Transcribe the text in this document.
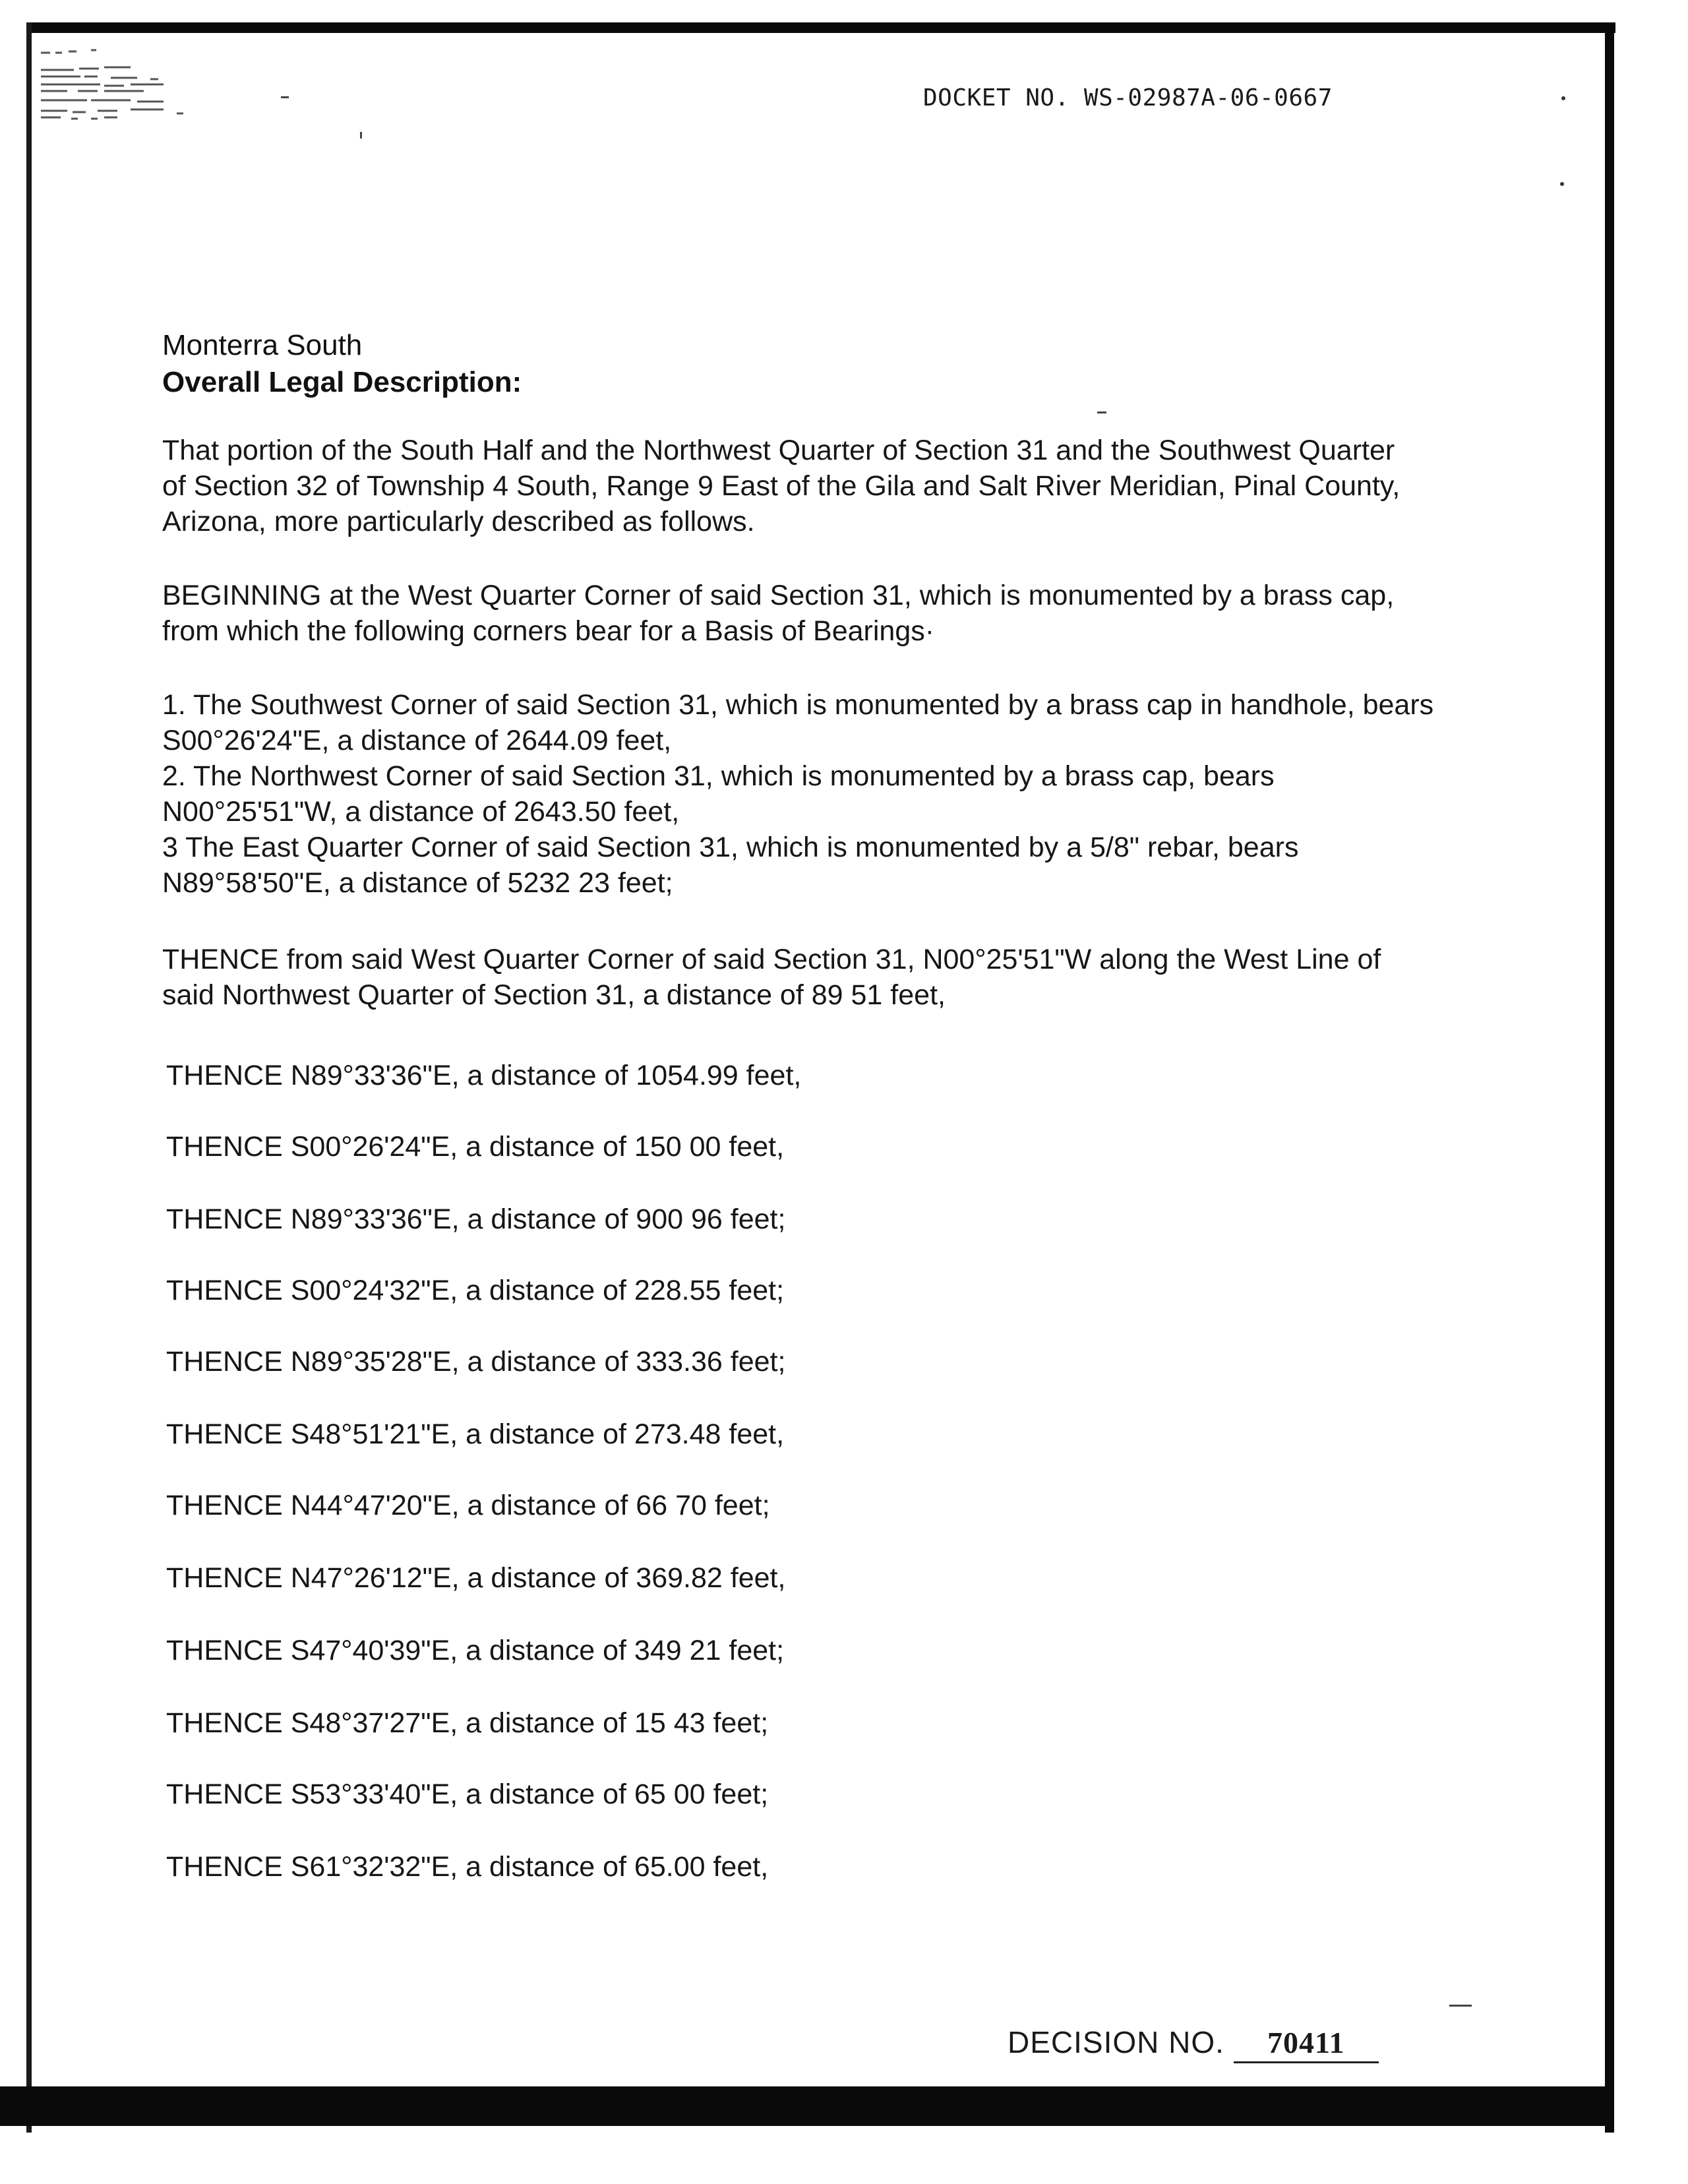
DOCKET NO. WS-02987A-06-0667
Monterra South
Overall Legal Description:
That portion of the South Half and the Northwest Quarter of Section 31 and the Southwest Quarter of Section 32 of Township 4 South, Range 9 East of the Gila and Salt River Meridian, Pinal County, Arizona, more particularly described as follows.
BEGINNING at the West Quarter Corner of said Section 31, which is monumented by a brass cap, from which the following corners bear for a Basis of Bearings·
1. The Southwest Corner of said Section 31, which is monumented by a brass cap in handhole, bears S00°26'24"E, a distance of 2644.09 feet,
2. The Northwest Corner of said Section 31, which is monumented by a brass cap, bears N00°25'51"W, a distance of 2643.50 feet,
3 The East Quarter Corner of said Section 31, which is monumented by a 5/8" rebar, bears N89°58'50"E, a distance of 5232 23 feet;
THENCE from said West Quarter Corner of said Section 31, N00°25'51"W along the West Line of said Northwest Quarter of Section 31, a distance of 89 51 feet,
THENCE N89°33'36"E, a distance of 1054.99 feet,
THENCE S00°26'24"E, a distance of 150 00 feet,
THENCE N89°33'36"E, a distance of 900 96 feet;
THENCE S00°24'32"E, a distance of 228.55 feet;
THENCE N89°35'28"E, a distance of 333.36 feet;
THENCE S48°51'21"E, a distance of 273.48 feet,
THENCE N44°47'20"E, a distance of 66 70 feet;
THENCE N47°26'12"E, a distance of 369.82 feet,
THENCE S47°40'39"E, a distance of 349 21 feet;
THENCE S48°37'27"E, a distance of 15 43 feet;
THENCE S53°33'40"E, a distance of 65 00 feet;
THENCE S61°32'32"E, a distance of 65.00 feet,
DECISION NO. 70411
